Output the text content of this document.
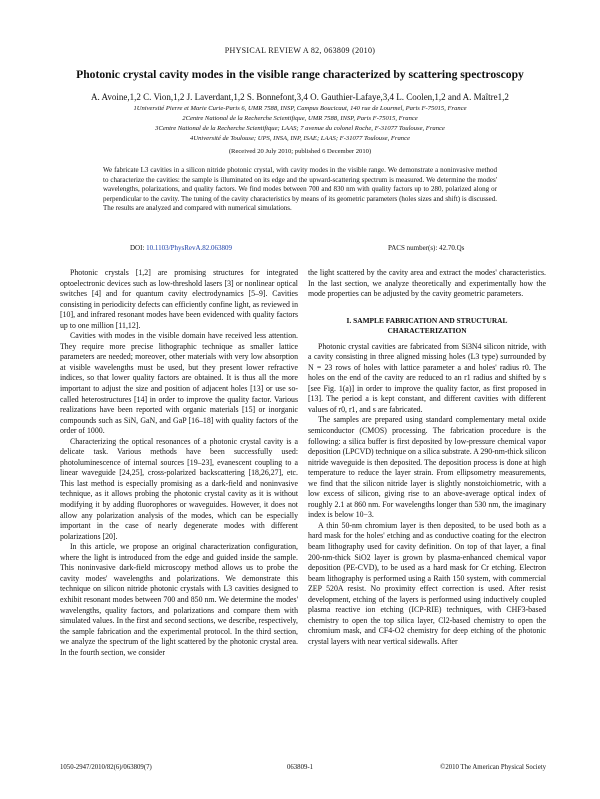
PHYSICAL REVIEW A 82, 063809 (2010)
Photonic crystal cavity modes in the visible range characterized by scattering spectroscopy
A. Avoine,1,2 C. Vion,1,2 J. Laverdant,1,2 S. Bonnefont,3,4 O. Gauthier-Lafaye,3,4 L. Coolen,1,2 and A. Maître1,2
1Université Pierre et Marie Curie-Paris 6, UMR 7588, INSP, Campus Boucicaut, 140 rue de Lourmel, Paris F-75015, France
2Centre National de la Recherche Scientifique, UMR 7588, INSP, Paris F-75015, France
3Centre National de la Recherche Scientifique; LAAS; 7 avenue du colonel Roche, F-31077 Toulouse, France
4Université de Toulouse; UPS, INSA, INP, ISAE; LAAS; F-31077 Toulouse, France
(Received 20 July 2010; published 6 December 2010)
We fabricate L3 cavities in a silicon nitride photonic crystal, with cavity modes in the visible range. We demonstrate a noninvasive method to characterize the cavities: the sample is illuminated on its edge and the upward-scattering spectrum is measured. We determine the modes' wavelengths, polarizations, and quality factors. We find modes between 700 and 830 nm with quality factors up to 280, polarized along or perpendicular to the cavity. The tuning of the cavity characteristics by means of its geometric parameters (holes sizes and shift) is discussed. The results are analyzed and compared with numerical simulations.
DOI: 10.1103/PhysRevA.82.063809	PACS number(s): 42.70.Qs

Photonic crystals [1,2] are promising structures for integrated optoelectronic devices such as low-threshold lasers [3] or nonlinear optical switches [4] and for quantum cavity electrodynamics [5–9]. Cavities consisting in periodicity defects can efficiently confine light, as reviewed in [10], and infrared resonant modes have been evidenced with quality factors up to one million [11,12].

Cavities with modes in the visible domain have received less attention. They require more precise lithographic technique as smaller lattice parameters are needed; moreover, other materials with very low absorption at visible wavelengths must be used, but they present lower refractive indices, so that lower quality factors are obtained. It is thus all the more important to adjust the size and position of adjacent holes [13] or use so-called heterostructures [14] in order to improve the quality factor. Various realizations have been reported with organic materials [15] or inorganic compounds such as SiN, GaN, and GaP [16–18] with quality factors of the order of 1000.

Characterizing the optical resonances of a photonic crystal cavity is a delicate task. Various methods have been successfully used: photoluminescence of internal sources [19–23], evanescent coupling to a linear waveguide [24,25], cross-polarized backscattering [18,26,27], etc. This last method is especially promising as a dark-field and noninvasive technique, as it allows probing the photonic crystal cavity as it is without modifying it by adding fluorophores or waveguides. However, it does not allow any polarization analysis of the modes, which can be especially important in the case of nearly degenerate modes with different polarizations [20].

In this article, we propose an original characterization configuration, where the light is introduced from the edge and guided inside the sample. This noninvasive dark-field microscopy method allows us to probe the cavity modes' wavelengths and polarizations. We demonstrate this technique on silicon nitride photonic crystals with L3 cavities designed to exhibit resonant modes between 700 and 850 nm. We determine the modes' wavelengths, quality factors, and polarizations and compare them with simulated values. In the first and second sections, we describe, respectively, the sample fabrication and the experimental protocol. In the third section, we analyze the spectrum of the light scattered by the photonic crystal area. In the fourth section, we consider

the light scattered by the cavity area and extract the modes' characteristics. In the last section, we analyze theoretically and experimentally how the mode properties can be adjusted by the cavity geometric parameters.

I. SAMPLE FABRICATION AND STRUCTURAL CHARACTERIZATION

Photonic crystal cavities are fabricated from Si3N4 silicon nitride, with a cavity consisting in three aligned missing holes (L3 type) surrounded by N = 23 rows of holes with lattice parameter a and holes' radius r0. The holes on the end of the cavity are reduced to an r1 radius and shifted by s [see Fig. 1(a)] in order to improve the quality factor, as first proposed in [13]. The period a is kept constant, and different cavities with different values of r0, r1, and s are fabricated.

The samples are prepared using standard complementary metal oxide semiconductor (CMOS) processing. The fabrication procedure is the following: a silica buffer is first deposited by low-pressure chemical vapor deposition (LPCVD) technique on a silica substrate. A 290-nm-thick silicon nitride waveguide is then deposited. The deposition process is done at high temperature to reduce the layer strain. From ellipsometry measurements, we find that the silicon nitride layer is slightly nonstoichiometric, with a low excess of silicon, giving rise to an above-average optical index of roughly 2.1 at 860 nm. For wavelengths longer than 530 nm, the imaginary index is below 10−3.

A thin 50-nm chromium layer is then deposited, to be used both as a hard mask for the holes' etching and as conductive coating for the electron beam lithography used for cavity definition. On top of that layer, a final 200-nm-thick SiO2 layer is grown by plasma-enhanced chemical vapor deposition (PE-CVD), to be used as a hard mask for Cr etching. Electron beam lithography is performed using a Raith 150 system, with commercial ZEP 520A resist. No proximity effect correction is used. After resist development, etching of the layers is performed using inductively coupled plasma reactive ion etching (ICP-RIE) techniques, with CHF3-based chemistry to open the top silica layer, Cl2-based chemistry to open the chromium mask, and CF4-O2 chemistry for deep etching of the photonic crystal layers with near vertical sidewalls. After

1050-2947/2010/82(6)/063809(7)	063809-1	©2010 The American Physical Society
